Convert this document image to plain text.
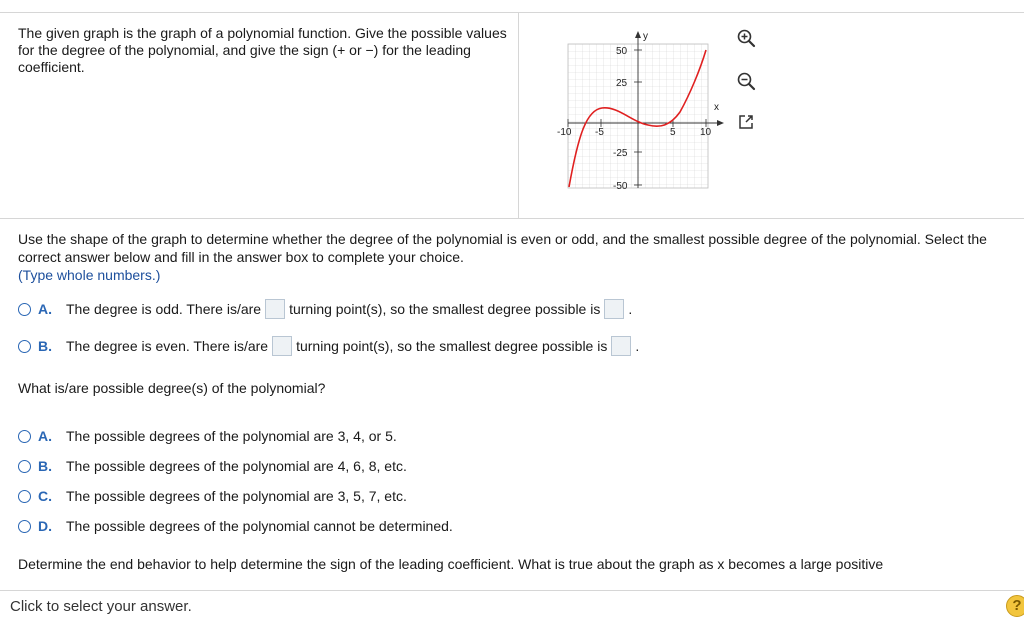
The given graph is the graph of a polynomial function. Give the possible values for the degree of the polynomial, and give the sign (+ or −) for the leading coefficient.
y
x
50
25
-25
-50
-10 -5	5 10
Use the shape of the graph to determine whether the degree of the polynomial is even or odd, and the smallest possible degree of the polynomial. Select the correct answer below and fill in the answer box to complete your choice.
(Type whole numbers.)
A.	The degree is odd. There is/are turning point(s), so the smallest degree possible is .
B.	The degree is even. There is/are turning point(s), so the smallest degree possible is .
What is/are possible degree(s) of the polynomial?
A.	The possible degrees of the polynomial are 3, 4, or 5.
B.	The possible degrees of the polynomial are 4, 6, 8, etc.
C.	The possible degrees of the polynomial are 3, 5, 7, etc.
D.	The possible degrees of the polynomial cannot be determined.
Determine the end behavior to help determine the sign of the leading coefficient. What is true about the graph as x becomes a large positive
Click to select your answer.	?
